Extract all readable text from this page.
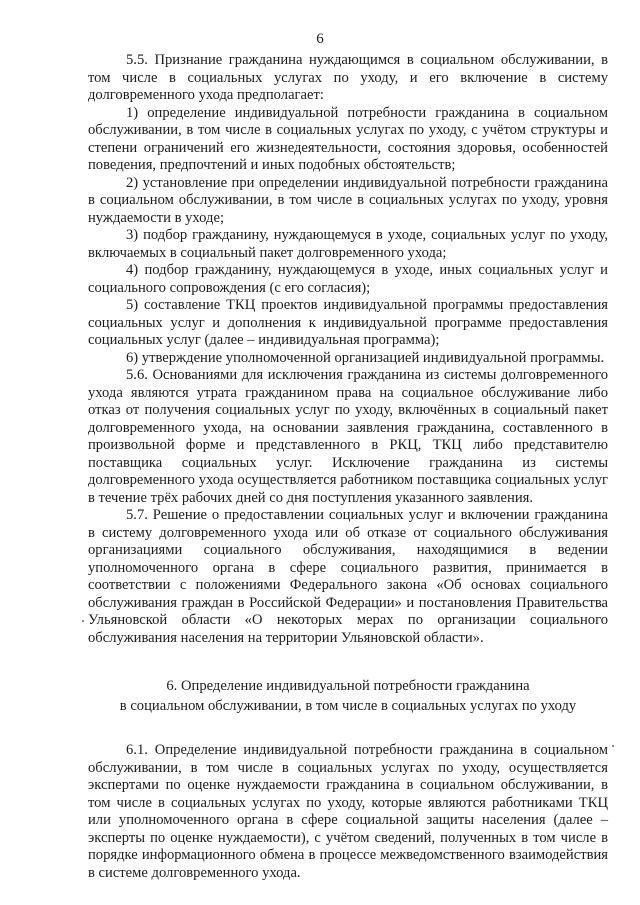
6

5.5. Признание гражданина нуждающимся в социальном обслуживании, в том числе в социальных услугах по уходу, и его включение в систему долговременного ухода предполагает:

1) определение индивидуальной потребности гражданина в социальном обслуживании, в том числе в социальных услугах по уходу, с учётом структуры и степени ограничений его жизнедеятельности, состояния здоровья, особенностей поведения, предпочтений и иных подобных обстоятельств;

2) установление при определении индивидуальной потребности гражданина в социальном обслуживании, в том числе в социальных услугах по уходу, уровня нуждаемости в уходе;

3) подбор гражданину, нуждающемуся в уходе, социальных услуг по уходу, включаемых в социальный пакет долговременного ухода;

4) подбор гражданину, нуждающемуся в уходе, иных социальных услуг и социального сопровождения (с его согласия);

5) составление ТКЦ проектов индивидуальной программы предоставления социальных услуг и дополнения к индивидуальной программе предоставления социальных услуг (далее – индивидуальная программа);

6) утверждение уполномоченной организацией индивидуальной программы.

5.6. Основаниями для исключения гражданина из системы долговременного ухода являются утрата гражданином права на социальное обслуживание либо отказ от получения социальных услуг по уходу, включённых в социальный пакет долговременного ухода, на основании заявления гражданина, составленного в произвольной форме и представленного в РКЦ, ТКЦ либо представителю поставщика социальных услуг. Исключение гражданина из системы долговременного ухода осуществляется работником поставщика социальных услуг в течение трёх рабочих дней со дня поступления указанного заявления.

5.7. Решение о предоставлении социальных услуг и включении гражданина в систему долговременного ухода или об отказе от социального обслуживания организациями социального обслуживания, находящимися в ведении уполномоченного органа в сфере социального развития, принимается в соответствии с положениями Федерального закона «Об основах социального обслуживания граждан в Российской Федерации» и постановления Правительства Ульяновской области «О некоторых мерах по организации социального обслуживания населения на территории Ульяновской области».

6. Определение индивидуальной потребности гражданина
в социальном обслуживании, в том числе в социальных услугах по уходу

6.1. Определение индивидуальной потребности гражданина в социальном обслуживании, в том числе в социальных услугах по уходу, осуществляется экспертами по оценке нуждаемости гражданина в социальном обслуживании, в том числе в социальных услугах по уходу, которые являются работниками ТКЦ или уполномоченного органа в сфере социальной защиты населения (далее – эксперты по оценке нуждаемости), с учётом сведений, полученных в том числе в порядке информационного обмена в процессе межведомственного взаимодействия в системе долговременного ухода.
